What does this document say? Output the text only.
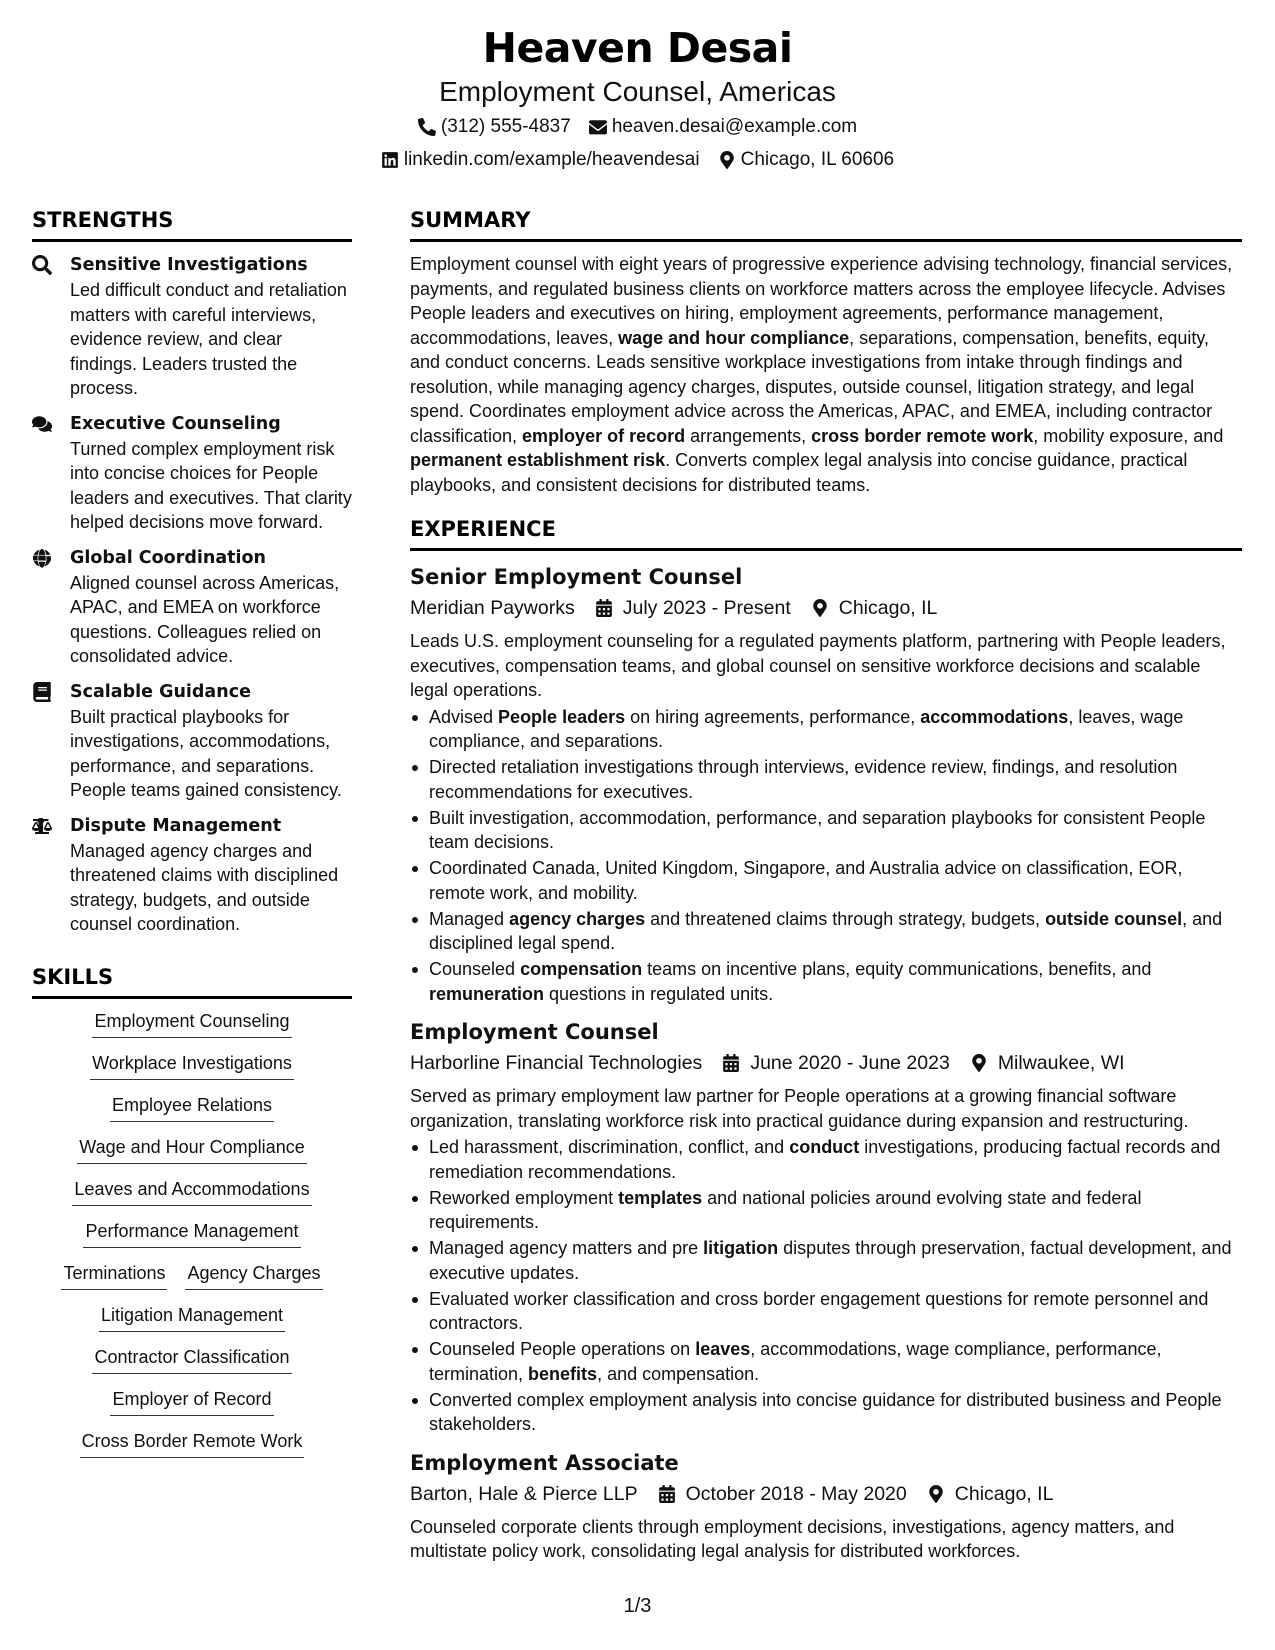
Heaven Desai
Employment Counsel, Americas
(312) 555-4837 heaven.desai@example.com
linkedin.com/example/heavendesai Chicago, IL 60606
STRENGTHS
Sensitive Investigations
Led difficult conduct and retaliation matters with careful interviews, evidence review, and clear findings. Leaders trusted the process.
Executive Counseling
Turned complex employment risk into concise choices for People leaders and executives. That clarity helped decisions move forward.
Global Coordination
Aligned counsel across Americas, APAC, and EMEA on workforce questions. Colleagues relied on consolidated advice.
Scalable Guidance
Built practical playbooks for investigations, accommodations, performance, and separations. People teams gained consistency.
Dispute Management
Managed agency charges and threatened claims with disciplined strategy, budgets, and outside counsel coordination.
SKILLS
Employment Counseling
Workplace Investigations
Employee Relations
Wage and Hour Compliance
Leaves and Accommodations
Performance Management
Terminations Agency Charges
Litigation Management
Contractor Classification
Employer of Record
Cross Border Remote Work
SUMMARY

Employment counsel with eight years of progressive experience advising technology, financial services, payments, and regulated business clients on workforce matters across the employee lifecycle. Advises People leaders and executives on hiring, employment agreements, performance management, accommodations, leaves, wage and hour compliance, separations, compensation, benefits, equity, and conduct concerns. Leads sensitive workplace investigations from intake through findings and resolution, while managing agency charges, disputes, outside counsel, litigation strategy, and legal spend. Coordinates employment advice across the Americas, APAC, and EMEA, including contractor classification, employer of record arrangements, cross border remote work, mobility exposure, and permanent establishment risk. Converts complex legal analysis into concise guidance, practical playbooks, and consistent decisions for distributed teams.

EXPERIENCE
Senior Employment Counsel
Meridian Payworks July 2023 - Present Chicago, IL

Leads U.S. employment counseling for a regulated payments platform, partnering with People leaders, executives, compensation teams, and global counsel on sensitive workforce decisions and scalable legal operations.

Advised People leaders on hiring agreements, performance, accommodations, leaves, wage compliance, and separations.
Directed retaliation investigations through interviews, evidence review, findings, and resolution recommendations for executives.
Built investigation, accommodation, performance, and separation playbooks for consistent People team decisions.
Coordinated Canada, United Kingdom, Singapore, and Australia advice on classification, EOR, remote work, and mobility.
Managed agency charges and threatened claims through strategy, budgets, outside counsel, and disciplined legal spend.
Counseled compensation teams on incentive plans, equity communications, benefits, and remuneration questions in regulated units.
Employment Counsel
Harborline Financial Technologies June 2020 - June 2023 Milwaukee, WI

Served as primary employment law partner for People operations at a growing financial software organization, translating workforce risk into practical guidance during expansion and restructuring.

Led harassment, discrimination, conflict, and conduct investigations, producing factual records and remediation recommendations.
Reworked employment templates and national policies around evolving state and federal requirements.
Managed agency matters and pre litigation disputes through preservation, factual development, and executive updates.
Evaluated worker classification and cross border engagement questions for remote personnel and contractors.
Counseled People operations on leaves, accommodations, wage compliance, performance, termination, benefits, and compensation.
Converted complex employment analysis into concise guidance for distributed business and People stakeholders.
Employment Associate
Barton, Hale & Pierce LLP October 2018 - May 2020 Chicago, IL

Counseled corporate clients through employment decisions, investigations, agency matters, and multistate policy work, consolidating legal analysis for distributed workforces.

1/3
